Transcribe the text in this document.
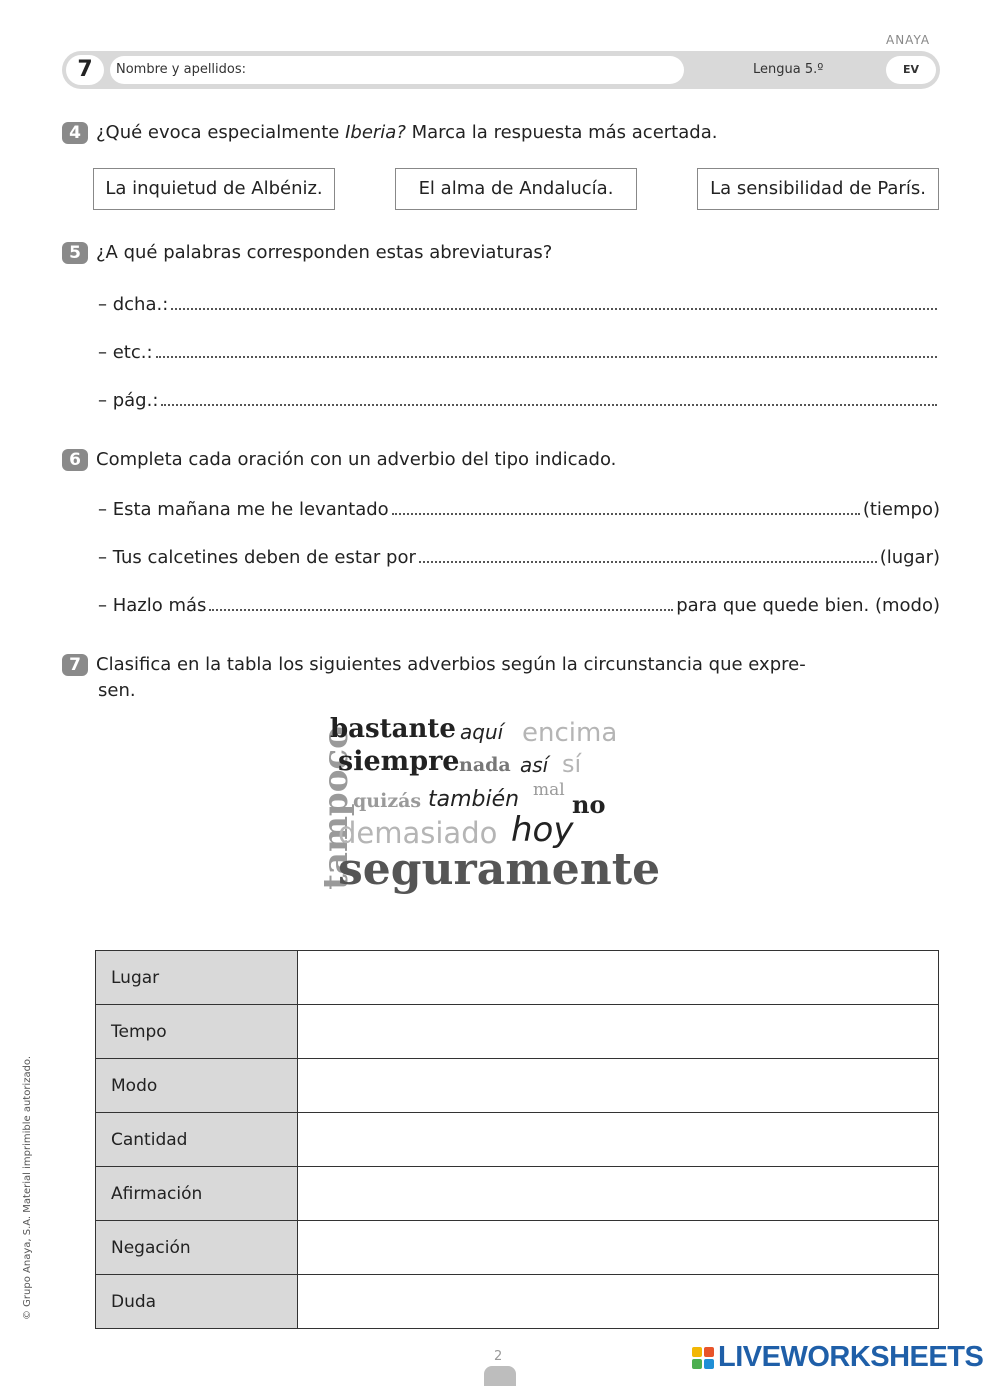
ANAYA
7	Nombre y apellidos:	Lengua 5.º	EV
4 ¿Qué evoca especialmente Iberia? Marca la respuesta más acertada.
La inquietud de Albéniz.	El alma de Andalucía.	La sensibilidad de París.
5 ¿A qué palabras corresponden estas abreviaturas?
– dcha.:
– etc.:
– pág.:
6 Completa cada oración con un adverbio del tipo indicado.
– Esta mañana me he levantado	(tiempo)
– Tus calcetines deben de estar por	(lugar)
– Hazlo más	para que quede bien. (modo)
7 Clasifica en la tabla los siguientes adverbios según la circunstancia que expre-
sen.
tampoco
bastante aquí encima
siempre nada así sí
quizás también mal no
demasiado hoy
seguramente
Lugar	
Tempo	
Modo	
Cantidad	
Afirmación	
Negación	
Duda	
© Grupo Anaya, S.A. Material imprimible autorizado.
2	LIVEWORKSHEETS
